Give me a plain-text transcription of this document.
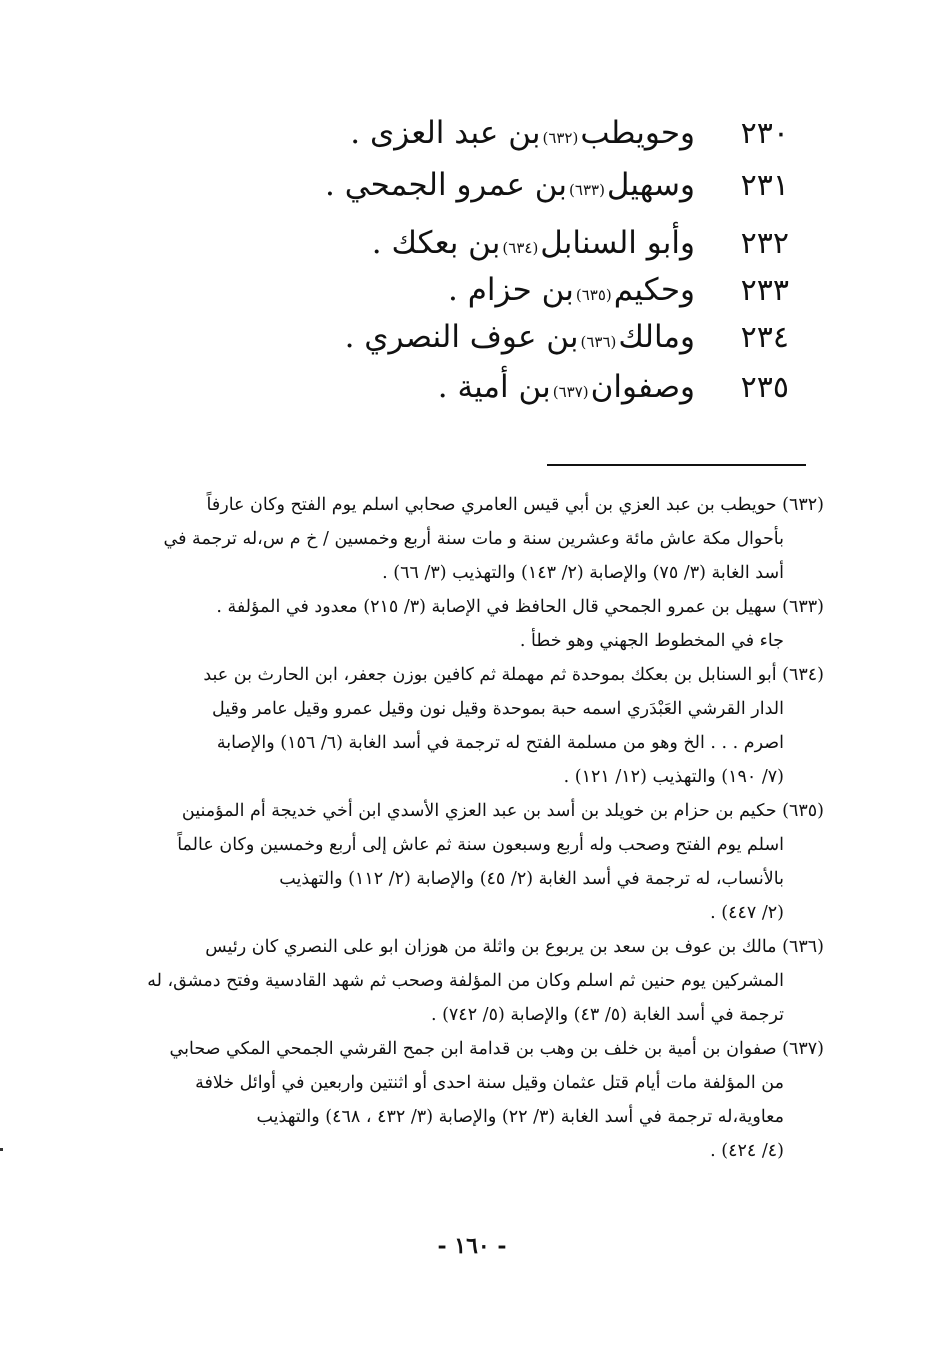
٢٣٠
وحويطب
(٦٣٢)
بن عبد العزى .
٢٣١
وسهيل
(٦٣٣)
بن عمرو الجمحي .
٢٣٢
وأبو السنابل
(٦٣٤)
بن بعكك .
٢٣٣
وحكيم
(٦٣٥)
بن حزام .
٢٣٤
ومالك
(٦٣٦)
بن عوف النصري .
٢٣٥
وصفوان
(٦٣٧)
بن أمية .

(٦٣٢) حويطب بن عبد العزي بن أبي قيس العامري صحابي اسلم يوم الفتح وكان عارفاً

بأحوال مكة عاش مائة وعشرين سنة و مات سنة أربع وخمسين / خ م س،له ترجمة في

أسد الغابة (٣/ ٧٥) والإصابة (٢/ ١٤٣) والتهذيب (٣/ ٦٦) .

(٦٣٣) سهيل بن عمرو الجمحي قال الحافظ في الإصابة (٣/ ٢١٥) معدود في المؤلفة .

جاء في المخطوط الجهني وهو خطأ .

(٦٣٤) أبو السنابل بن بعكك بموحدة ثم مهملة ثم كافين بوزن جعفر، ابن الحارث بن عبد

الدار القرشي العَبْدَري اسمه حبة بموحدة وقيل نون وقيل عمرو وقيل عامر وقيل

اصرم . . . الخ وهو من مسلمة الفتح له ترجمة في أسد الغابة (٦/ ١٥٦) والإصابة

(٧/ ١٩٠) والتهذيب (١٢/ ١٢١) .

(٦٣٥) حكيم بن حزام بن خويلد بن أسد بن عبد العزي الأسدي ابن أخي خديجة أم المؤمنين

اسلم يوم الفتح وصحب وله أربع وسبعون سنة ثم عاش إلى أربع وخمسين وكان عالماً

بالأنساب، له ترجمة في أسد الغابة (٢/ ٤٥) والإصابة (٢/ ١١٢) والتهذيب

(٢/ ٤٤٧) .

(٦٣٦) مالك بن عوف بن سعد بن يربوع بن واثلة من هوزان ابو على النصري كان رئيس

المشركين يوم حنين ثم اسلم وكان من المؤلفة وصحب ثم شهد القادسية وفتح دمشق، له

ترجمة في أسد الغابة (٥/ ٤٣) والإصابة (٥/ ٧٤٢) .

(٦٣٧) صفوان بن أمية بن خلف بن وهب بن قدامة ابن جمح القرشي الجمحي المكي صحابي

من المؤلفة مات أيام قتل عثمان وقيل سنة احدى أو اثنتين واربعين في أوائل خلافة

معاوية،له ترجمة في أسد الغابة (٣/ ٢٢) والإصابة (٣/ ٤٣٢ ، ٤٦٨) والتهذيب

(٤/ ٤٢٤) .

- ١٦٠ -
